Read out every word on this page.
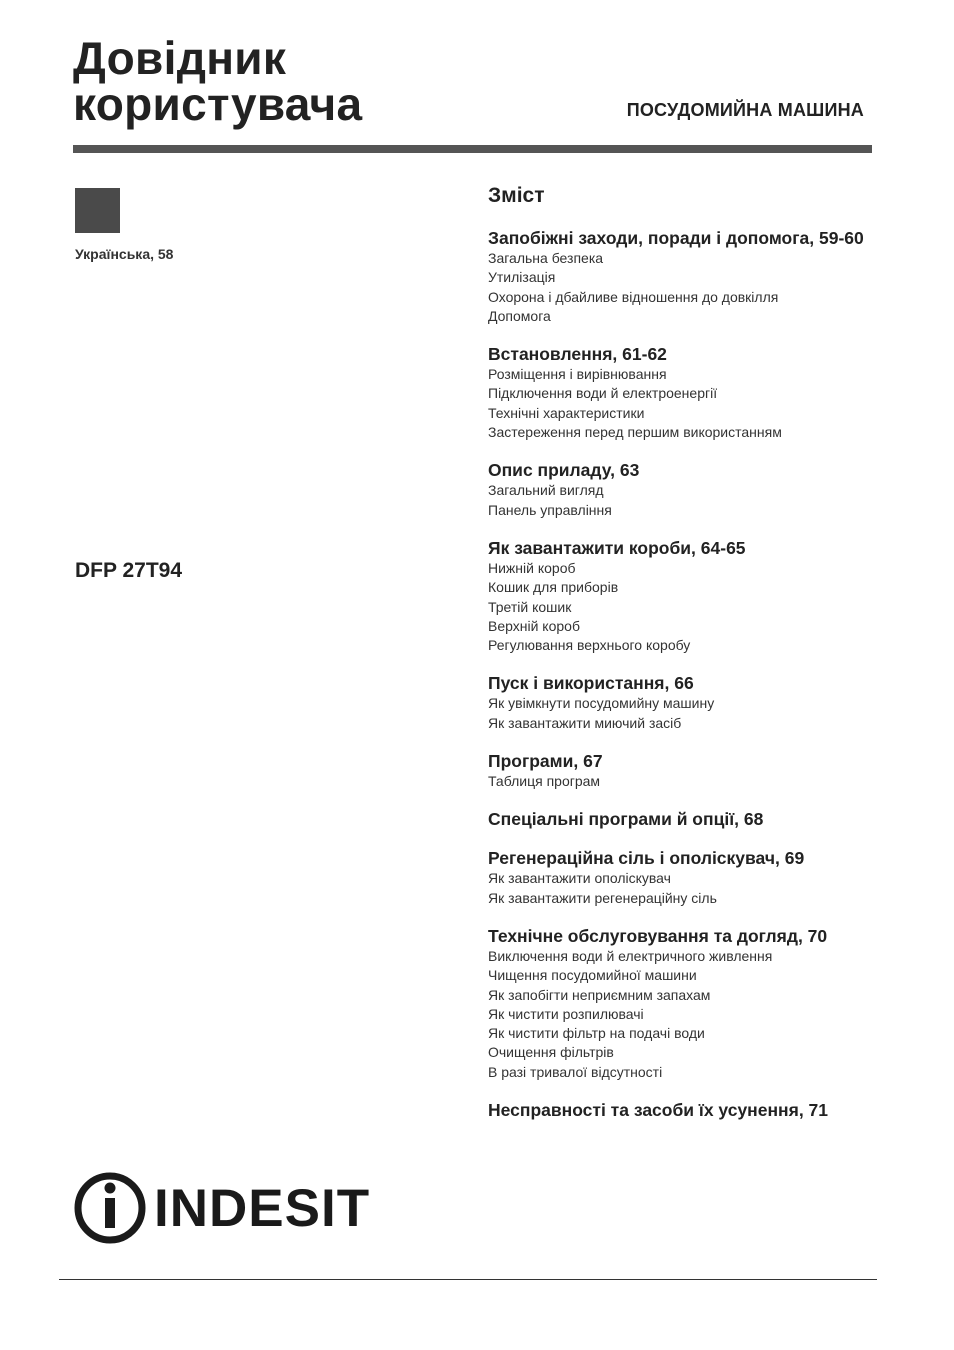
Довідник
користувача	ПОСУДОМИЙНА МАШИНА
Українська, 58
DFP 27T94
Зміст
Запобіжні заходи, поради і допомога, 59-60
Загальна безпека
Утилізація
Охорона і дбайливе відношення до довкілля
Допомога
Встановлення, 61-62
Розміщення і вирівнювання
Підключення води й електроенергії
Технічні характеристики
Застереження перед першим використанням
Опис приладу, 63
Загальний вигляд
Панель управління
Як завантажити короби, 64-65
Нижній короб
Кошик для приборів
Третій кошик
Верхній короб
Регулювання верхнього коробу
Пуск і використання, 66
Як увімкнути посудомийну машину
Як завантажити миючий засіб
Програми, 67
Таблиця програм
Спеціальні програми й опції, 68
Регенераційна сіль і ополіскувач, 69
Як завантажити ополіскувач
Як завантажити регенераційну сіль
Технічне обслуговування та догляд, 70
Виключення води й електричного живлення
Чищення посудомийної машини
Як запобігти неприємним запахам
Як чистити розпилювачі
Як чистити фільтр на подачі води
Очищення фільтрів
В разі тривалої відсутності
Несправності та засоби їх усунення, 71
INDESIT
